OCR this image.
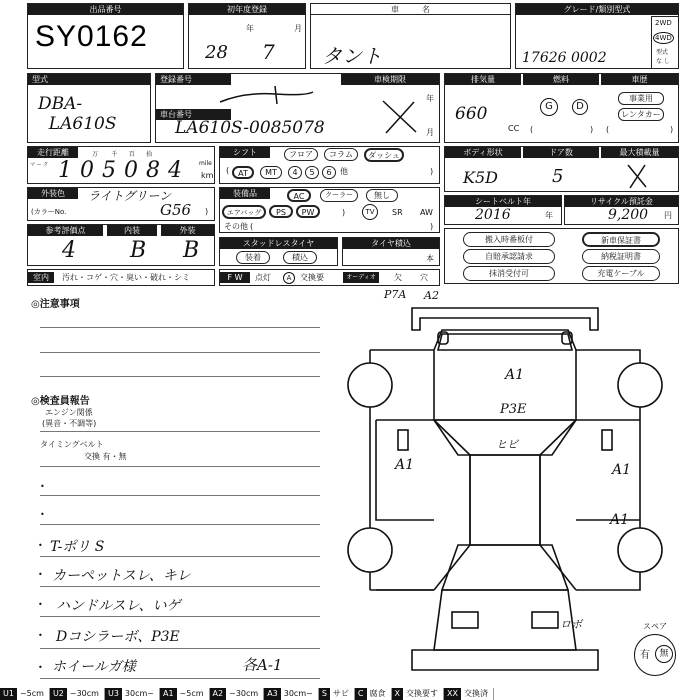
出品番号
SY0162
初年度登録
年	月
28 7
車	名
タント
グレード/類別型式
17626 0002
2WD
4WD
型式
な し
型式
DBA-
LA610S
登録番号	車検期限
車台番号
LA610S-0085078
年
月
排気量	燃料	車歴
660
CC
G	D
(	)
事業用
レンタカー
(	)
走行距離
マ ー ク
万       千      百      拾
105084 mile
km
シフト	フロア	コラム	ダッシュ
(	AT	MT	4	5	6	他	)
ボディ形状	ドア数	最大積載量
K5D	5
外装色	ライトグリーン
(カラーNo.	G56 )
装備品	AC	クーラー	無し
エアバッグ	PS	PW	)	TV	SR AW
その他 (	)
シートベルト年
2016	年
リサイクル預託金
9,200 円
参考評価点	内装	外装
4 B B	スタッドレスタイヤ
装着	積込
タイヤ積込
本
搬入時番板付
自賠承認請求
抹消受付可
新車保証書
納税証明書
充電ケーブル
室内	汚れ・コゲ・穴・臭い・破れ・シミ	F W	点灯	A	交換要	オーディオ	欠 穴
◎注意事項
◎検査員報告
エンジン関係
(異音・不調等)
タイミングベルト
交換 有・無
•
•
• T-ポリ S
• カーペットスレ、キレ
• ハンドルスレ、いゲ
• Dコシラーボ、P3E
• ホイールガ様	各A-1
P7A A2
A1
P3E
ヒビ
A1	A1
A1
ロボ	スペア
有	無
U1 ~5cm	U2 ~30cm	U3 30cm~	A1 ~5cm	A2 ~30cm	A3 30cm~	S サビ	C 腐食	X 交換要す	XX 交換済
